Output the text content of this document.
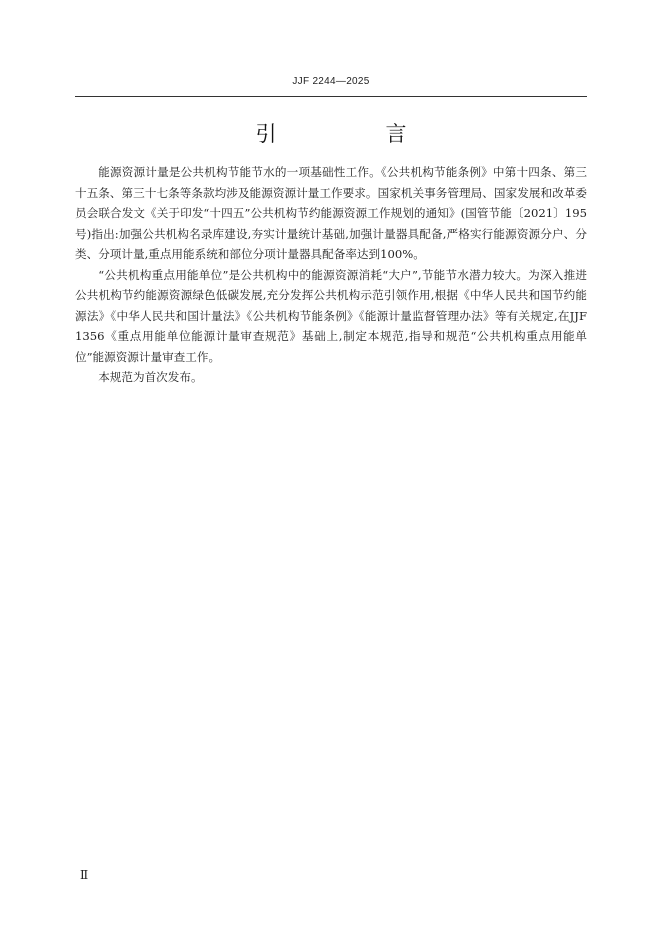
JJF 2244—2025
引　言

能源资源计量是公共机构节能节水的一项基础性工作。《公共机构节能条例》中第十四条、第三十五条、第三十七条等条款均涉及能源资源计量工作要求。国家机关事务管理局、国家发展和改革委员会联合发文《关于印发“十四五”公共机构节约能源资源工作规划的通知》(国管节能〔2021〕195号)指出:加强公共机构名录库建设,夯实计量统计基础,加强计量器具配备,严格实行能源资源分户、分类、分项计量,重点用能系统和部位分项计量器具配备率达到100%。

“公共机构重点用能单位”是公共机构中的能源资源消耗“大户”,节能节水潜力较大。为深入推进公共机构节约能源资源绿色低碳发展,充分发挥公共机构示范引领作用,根据《中华人民共和国节约能源法》《中华人民共和国计量法》《公共机构节能条例》《能源计量监督管理办法》等有关规定,在JJF 1356《重点用能单位能源计量审查规范》基础上,制定本规范,指导和规范“公共机构重点用能单位”能源资源计量审查工作。

本规范为首次发布。

Ⅱ
